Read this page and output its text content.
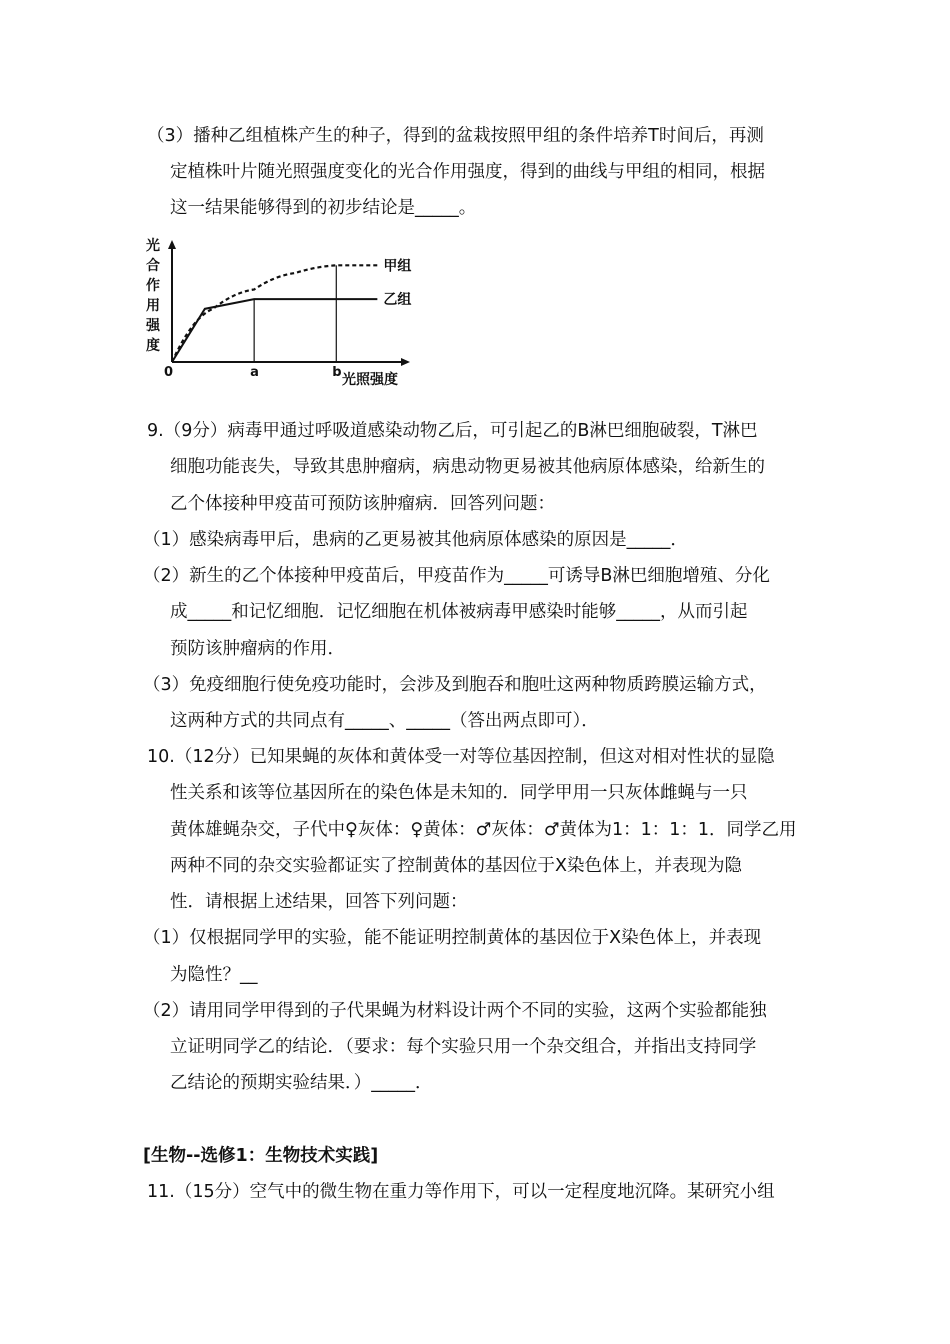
（3）播种乙组植株产生的种子，得到的盆栽按照甲组的条件培养T时间后，再测
定植株叶片随光照强度变化的光合作用强度，得到的曲线与甲组的相同，根据
这一结果能够得到的初步结论是_____。
光
合
作
用
强
度
甲组
乙组
a	b
0	光照强度
9.（9分）病毒甲通过呼吸道感染动物乙后，可引起乙的B淋巴细胞破裂，T淋巴
细胞功能丧失，导致其患肿瘤病，病患动物更易被其他病原体感染，给新生的
乙个体接种甲疫苗可预防该肿瘤病．回答列问题：
（1）感染病毒甲后，患病的乙更易被其他病原体感染的原因是_____．
（2）新生的乙个体接种甲疫苗后，甲疫苗作为_____可诱导B淋巴细胞增殖、分化
成_____和记忆细胞．记忆细胞在机体被病毒甲感染时能够_____，从而引起
预防该肿瘤病的作用．
（3）免疫细胞行使免疫功能时，会涉及到胞吞和胞吐这两种物质跨膜运输方式，
这两种方式的共同点有_____、_____（答出两点即可）．
10.（12分）已知果蝇的灰体和黄体受一对等位基因控制，但这对相对性状的显隐
性关系和该等位基因所在的染色体是未知的．同学甲用一只灰体雌蝇与一只
黄体雄蝇杂交，子代中♀灰体：♀黄体：♂灰体：♂黄体为1：1：1：1．同学乙用
两种不同的杂交实验都证实了控制黄体的基因位于X染色体上，并表现为隐
性．请根据上述结果，回答下列问题：
（1）仅根据同学甲的实验，能不能证明控制黄体的基因位于X染色体上，并表现
为隐性？__
（2）请用同学甲得到的子代果蝇为材料设计两个不同的实验，这两个实验都能独
立证明同学乙的结论．（要求：每个实验只用一个杂交组合，并指出支持同学
乙结论的预期实验结果．）_____．
[生物--选修1：生物技术实践]
11.（15分）空气中的微生物在重力等作用下，可以一定程度地沉降。某研究小组
